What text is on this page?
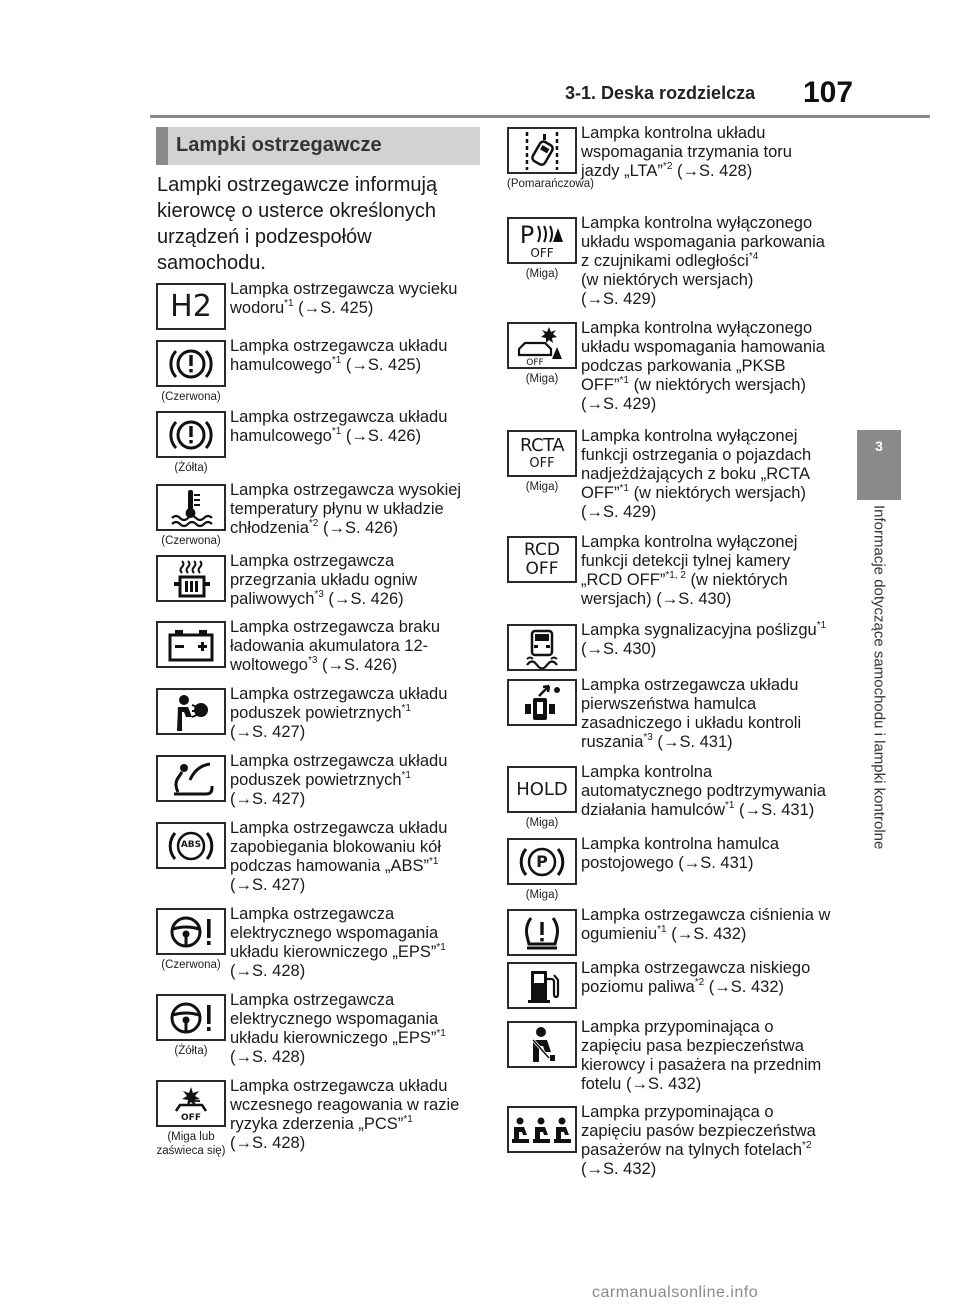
3-1. Deska rozdzielcza 107
3
Informacje dotyczące samochodu i lampki kontrolne
Lampki ostrzegawcze
Lampki ostrzegawcze informują kierowcę o usterce określonych urządzeń i podzespołów samochodu.
H2 Lampka ostrzegawcza wycieku wodoru$^{*1}$ (→S. 425)
(Czerwona)
Lampka ostrzegawcza układu hamulcowego$^{*1}$ (→S. 425)
(Żółta)
Lampka ostrzegawcza układu hamulcowego$^{*1}$ (→S. 426)
(Czerwona)
Lampka ostrzegawcza wysokiej temperatury płynu w układzie chłodzenia$^{*2}$ (→S. 426)
Lampka ostrzegawcza przegrzania układu ogniw paliwowych$^{*3}$ (→S. 426)
Lampka ostrzegawcza braku ładowania akumulatora 12-woltowego$^{*3}$ (→S. 426)
Lampka ostrzegawcza układu poduszek powietrznych$^{*1}$
(→S. 427)
Lampka ostrzegawcza układu poduszek powietrznych$^{*1}$
(→S. 427)
ABS
Lampka ostrzegawcza układu zapobiegania blokowaniu kół podczas hamowania „ABS”$^{*1}$
(→S. 427)
(Czerwona)
Lampka ostrzegawcza elektrycznego wspomagania układu kierowniczego „EPS”$^{*1}$
(→S. 428)
(Żółta)
Lampka ostrzegawcza elektrycznego wspomagania układu kierowniczego „EPS”$^{*1}$
(→S. 428)
OFF
(Miga lub zaświeca się)
Lampka ostrzegawcza układu wczesnego reagowania w razie ryzyka zderzenia „PCS”$^{*1}$
(→S. 428)
(Pomarańczowa)
Lampka kontrolna układu wspomagania trzymania toru jazdy „LTA”$^{*2}$ (→S. 428)
P
OFF
(Miga)
Lampka kontrolna wyłączonego układu wspomagania parkowania z czujnikami odległości$^{*4}$
(w niektórych wersjach)
(→S. 429)
OFF
(Miga)
Lampka kontrolna wyłączonego układu wspomagania hamowania podczas parkowania „PKSB OFF”$^{*1}$ (w niektórych wersjach) (→S. 429)
RCTA
OFF
(Miga)
Lampka kontrolna wyłączonej funkcji ostrzegania o pojazdach nadjeżdżających z boku „RCTA OFF”$^{*1}$ (w niektórych wersjach) (→S. 429)
RCD
OFF
Lampka kontrolna wyłączonej funkcji detekcji tylnej kamery „RCD OFF”$^{*1, 2}$ (w niektórych wersjach) (→S. 430)
Lampka sygnalizacyjna poślizgu$^{*1}$ (→S. 430)
Lampka ostrzegawcza układu pierwszeństwa hamulca zasadniczego i układu kontroli ruszania$^{*3}$ (→S. 431)
HOLD
(Miga)
Lampka kontrolna automatycznego podtrzymywania działania hamulców$^{*1}$ (→S. 431)
P
(Miga)
Lampka kontrolna hamulca postojowego (→S. 431)
Lampka ostrzegawcza ciśnienia w ogumieniu$^{*1}$ (→S. 432)
Lampka ostrzegawcza niskiego poziomu paliwa$^{*2}$ (→S. 432)
Lampka przypominająca o zapięciu pasa bezpieczeństwa kierowcy i pasażera na przednim fotelu (→S. 432)
Lampka przypominająca o zapięciu pasów bezpieczeństwa pasażerów na tylnych fotelach$^{*2}$
(→S. 432)
carmanualsonline.info
